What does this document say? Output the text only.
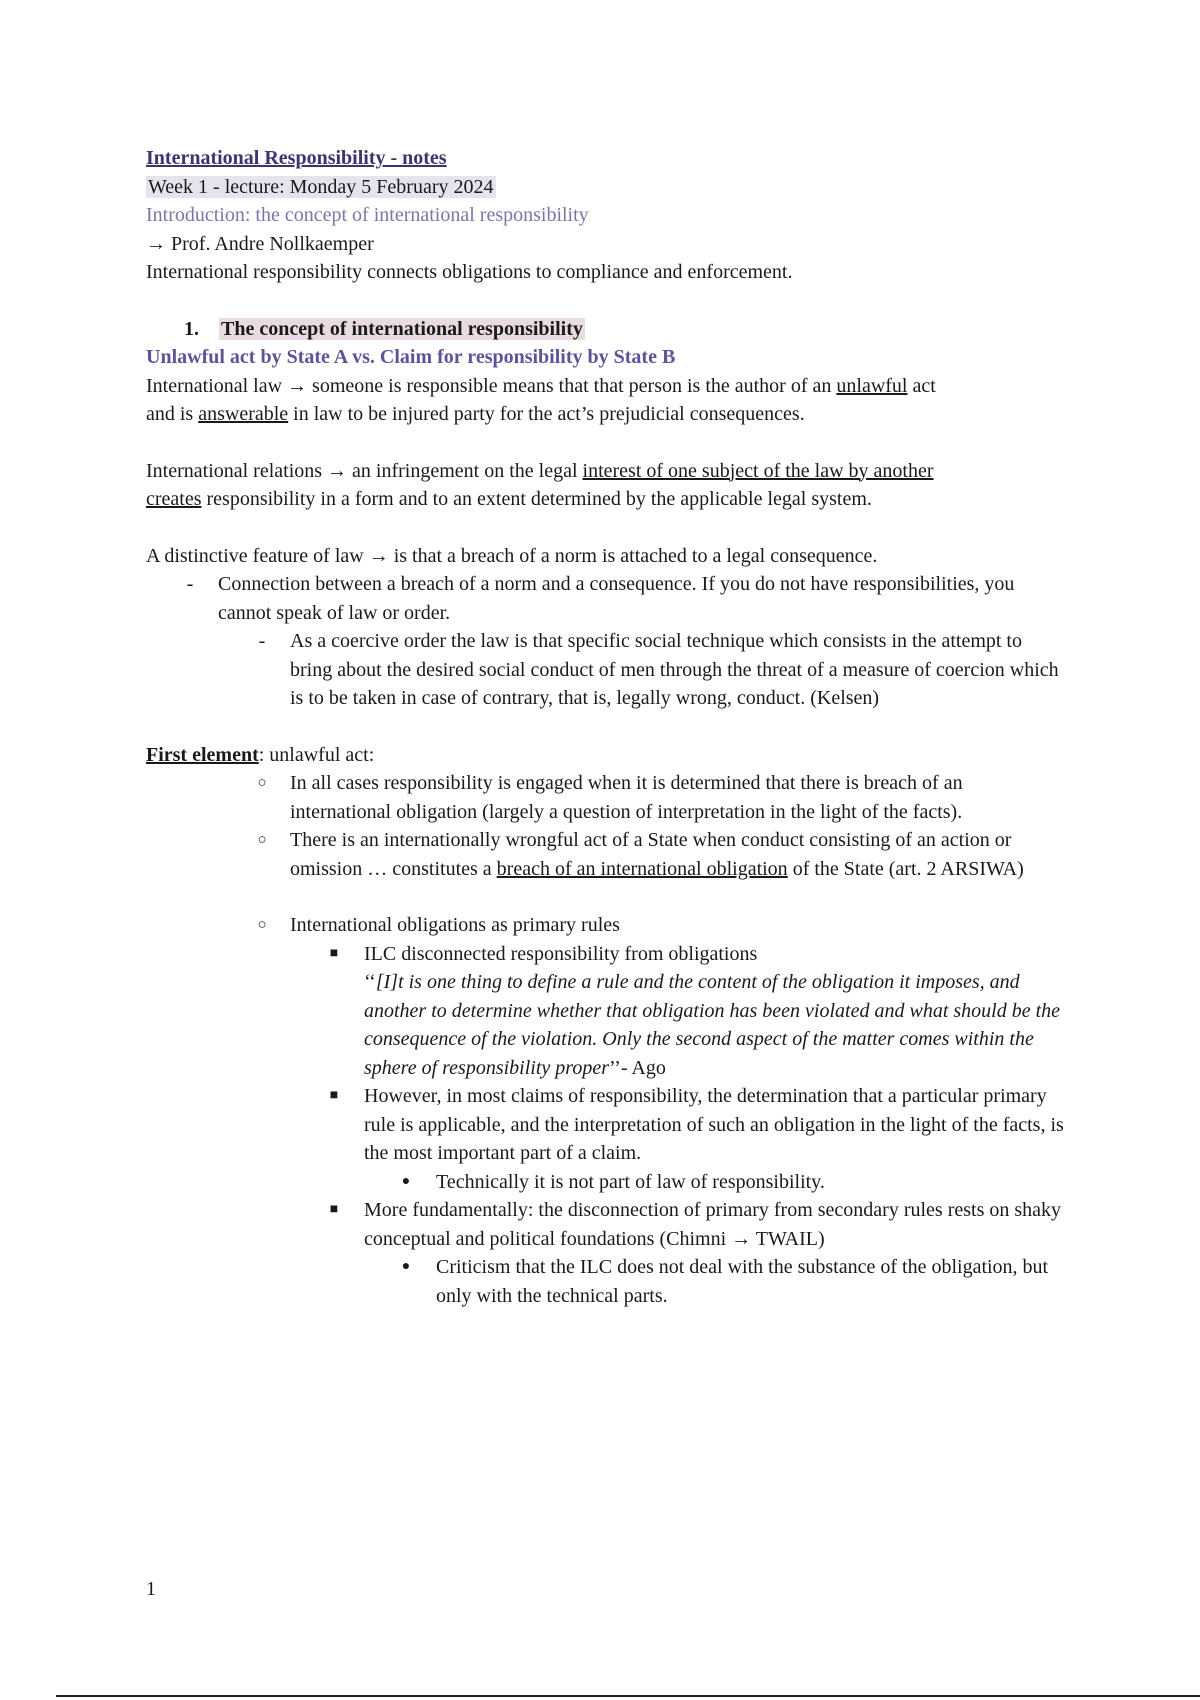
International Responsibility - notes
Week 1 - lecture: Monday 5 February 2024
Introduction: the concept of international responsibility
→ Prof. Andre Nollkaemper
International responsibility connects obligations to compliance and enforcement.
1. The concept of international responsibility
Unlawful act by State A vs. Claim for responsibility by State B
International law → someone is responsible means that that person is the author of an unlawful act
and is answerable in law to be injured party for the act’s prejudicial consequences.
International relations → an infringement on the legal interest of one subject of the law by another
creates responsibility in a form and to an extent determined by the applicable legal system.
A distinctive feature of law → is that a breach of a norm is attached to a legal consequence.
-	Connection between a breach of a norm and a consequence. If you do not have responsibilities, you cannot speak of law or order.
-	As a coercive order the law is that specific social technique which consists in the attempt to bring about the desired social conduct of men through the threat of a measure of coercion which is to be taken in case of contrary, that is, legally wrong, conduct. (Kelsen)
First element: unlawful act:
○ In all cases responsibility is engaged when it is determined that there is breach of an international obligation (largely a question of interpretation in the light of the facts).
○ There is an internationally wrongful act of a State when conduct consisting of an action or omission … constitutes a breach of an international obligation of the State (art. 2 ARSIWA)
○ International obligations as primary rules
■ ILC disconnected responsibility from obligations
‘‘[I]t is one thing to define a rule and the content of the obligation it imposes, and another to determine whether that obligation has been violated and what should be the consequence of the violation. Only the second aspect of the matter comes within the sphere of responsibility proper’’- Ago
■ However, in most claims of responsibility, the determination that a particular primary rule is applicable, and the interpretation of such an obligation in the light of the facts, is the most important part of a claim.
● Technically it is not part of law of responsibility.
■ More fundamentally: the disconnection of primary from secondary rules rests on shaky conceptual and political foundations (Chimni → TWAIL)
● Criticism that the ILC does not deal with the substance of the obligation, but only with the technical parts.
1
